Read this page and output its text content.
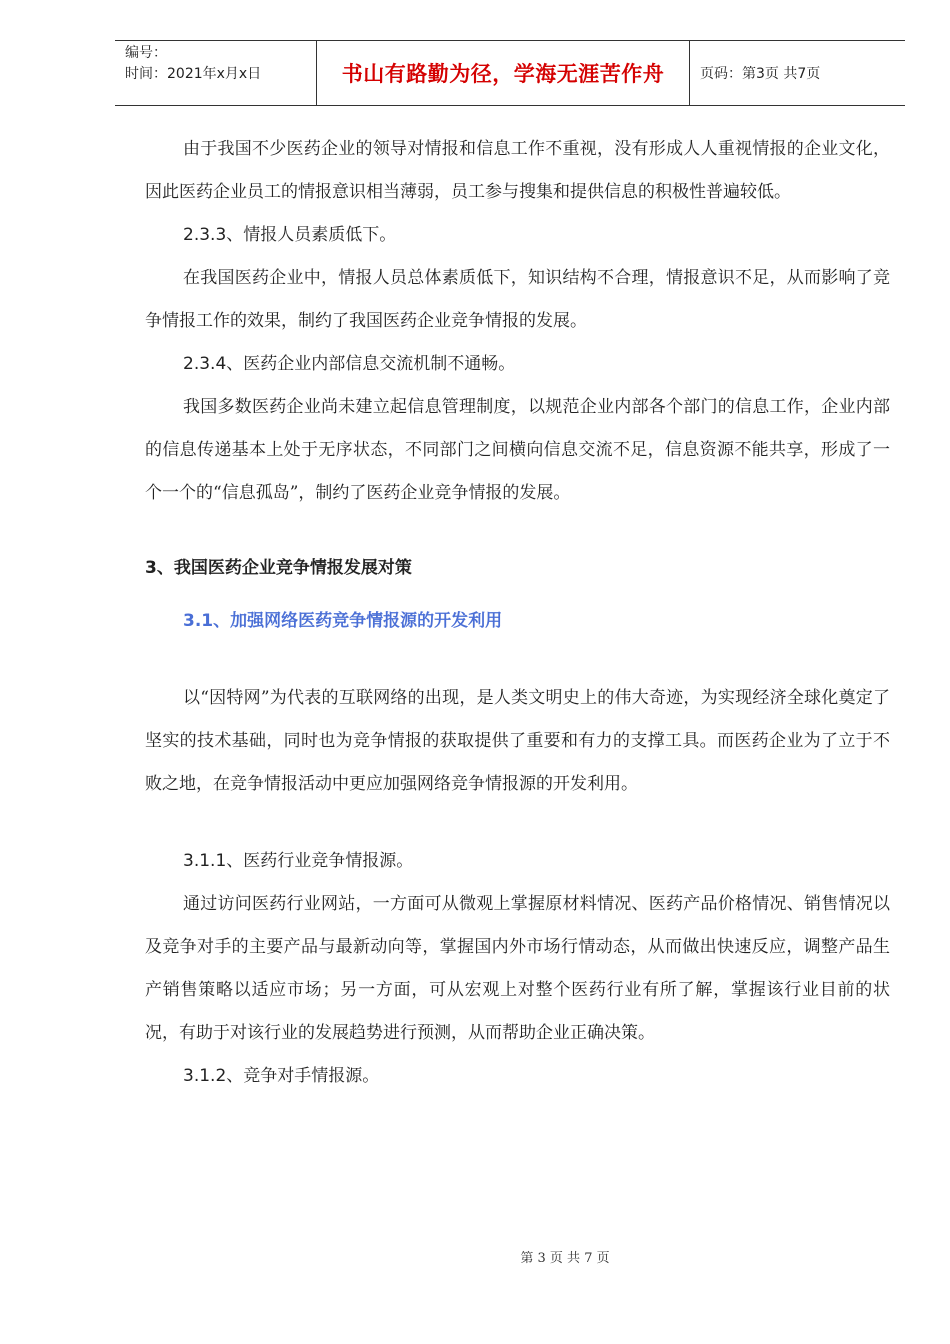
编号：
时间：2021年x月x日	书山有路勤为径，学海无涯苦作舟	页码：第3页 共7页

由于我国不少医药企业的领导对情报和信息工作不重视，没有形成人人重视情报的企业文化，因此医药企业员工的情报意识相当薄弱，员工参与搜集和提供信息的积极性普遍较低。

2.3.3、情报人员素质低下。

在我国医药企业中，情报人员总体素质低下，知识结构不合理，情报意识不足，从而影响了竞争情报工作的效果，制约了我国医药企业竞争情报的发展。

2.3.4、医药企业内部信息交流机制不通畅。

我国多数医药企业尚未建立起信息管理制度，以规范企业内部各个部门的信息工作，企业内部的信息传递基本上处于无序状态，不同部门之间横向信息交流不足，信息资源不能共享，形成了一个一个的“信息孤岛”，制约了医药企业竞争情报的发展。

3、我国医药企业竞争情报发展对策

3.1、加强网络医药竞争情报源的开发利用

以“因特网”为代表的互联网络的出现，是人类文明史上的伟大奇迹，为实现经济全球化奠定了坚实的技术基础，同时也为竞争情报的获取提供了重要和有力的支撑工具。而医药企业为了立于不败之地，在竞争情报活动中更应加强网络竞争情报源的开发利用。

3.1.1、医药行业竞争情报源。

通过访问医药行业网站，一方面可从微观上掌握原材料情况、医药产品价格情况、销售情况以及竞争对手的主要产品与最新动向等，掌握国内外市场行情动态，从而做出快速反应，调整产品生产销售策略以适应市场；另一方面，可从宏观上对整个医药行业有所了解，掌握该行业目前的状况，有助于对该行业的发展趋势进行预测，从而帮助企业正确决策。

3.1.2、竞争对手情报源。

第 3 页 共 7 页
